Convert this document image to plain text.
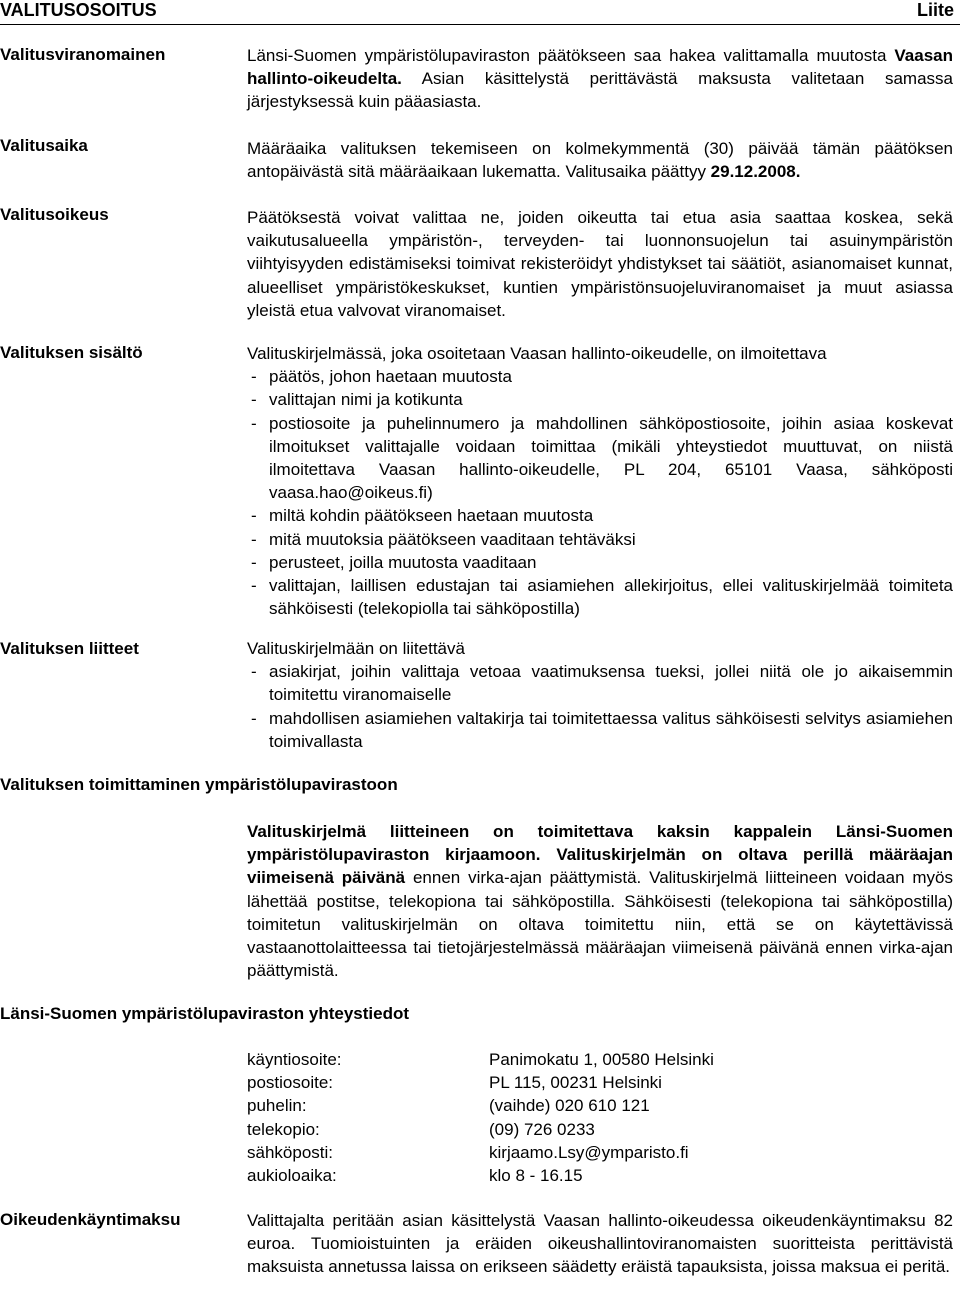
VALITUSOSOITUS	Liite
Valitusviranomainen	Länsi-Suomen ympäristölupaviraston päätökseen saa hakea valittamalla muutosta Vaasan hallinto-oikeudelta. Asian käsittelystä perittävästä maksusta valitetaan samassa järjestyksessä kuin pääasiasta.

Valitusaika	Määräaika valituksen tekemiseen on kolmekymmentä (30) päivää tämän päätöksen antopäivästä sitä määräaikaan lukematta. Valitusaika päättyy 29.12.2008.

Valitusoikeus	Päätöksestä voivat valittaa ne, joiden oikeutta tai etua asia saattaa koskea, sekä vaikutusalueella ympäristön-, terveyden- tai luonnonsuojelun tai asuinympäristön viihtyisyyden edistämiseksi toimivat rekisteröidyt yhdistykset tai säätiöt, asianomaiset kunnat, alueelliset ympäristökeskukset, kuntien ympäristönsuojeluviranomaiset ja muut asiassa yleistä etua valvovat viranomaiset.

Valituksen sisältö	Valituskirjelmässä, joka osoitetaan Vaasan hallinto-oikeudelle, on ilmoitettava

- päätös, johon haetaan muutosta
- valittajan nimi ja kotikunta
- postiosoite ja puhelinnumero ja mahdollinen sähköpostiosoite, joihin asiaa koskevat ilmoitukset valittajalle voidaan toimittaa (mikäli yhteystiedot muuttuvat, on niistä ilmoitettava Vaasan hallinto-oikeudelle, PL 204, 65101 Vaasa, sähköposti vaasa.hao@oikeus.fi)
- miltä kohdin päätökseen haetaan muutosta
- mitä muutoksia päätökseen vaaditaan tehtäväksi
- perusteet, joilla muutosta vaaditaan
- valittajan, laillisen edustajan tai asiamiehen allekirjoitus, ellei valituskirjelmää toimiteta sähköisesti (telekopiolla tai sähköpostilla)
Valituksen liitteet	Valituskirjelmään on liitettävä

- asiakirjat, joihin valittaja vetoaa vaatimuksensa tueksi, jollei niitä ole jo aikaisemmin toimitettu viranomaiselle
- mahdollisen asiamiehen valtakirja tai toimitettaessa valitus sähköisesti selvitys asiamiehen toimivallasta
Valituksen toimittaminen ympäristölupavirastoon

Valituskirjelmä liitteineen on toimitettava kaksin kappalein Länsi-Suomen ympäristölupaviraston kirjaamoon. Valituskirjelmän on oltava perillä määräajan viimeisenä päivänä ennen virka-ajan päättymistä. Valituskirjelmä liitteineen voidaan myös lähettää postitse, telekopiona tai sähköpostilla. Sähköisesti (telekopiona tai sähköpostilla) toimitetun valituskirjelmän on oltava toimitettu niin, että se on käytettävissä vastaanottolaitteessa tai tietojärjestelmässä määräajan viimeisenä päivänä ennen virka-ajan päättymistä.

Länsi-Suomen ympäristölupaviraston yhteystiedot
käyntiosoite:	Panimokatu 1, 00580 Helsinki
postiosoite:	PL 115, 00231 Helsinki
puhelin:	(vaihde) 020 610 121
telekopio:	(09) 726 0233
sähköposti:	kirjaamo.Lsy@ymparisto.fi
aukioloaika:	klo 8 - 16.15
Oikeudenkäyntimaksu	Valittajalta peritään asian käsittelystä Vaasan hallinto-oikeudessa oikeudenkäyntimaksu 82 euroa. Tuomioistuinten ja eräiden oikeushallintoviranomaisten suoritteista perittävistä maksuista annetussa laissa on erikseen säädetty eräistä tapauksista, joissa maksua ei peritä.
